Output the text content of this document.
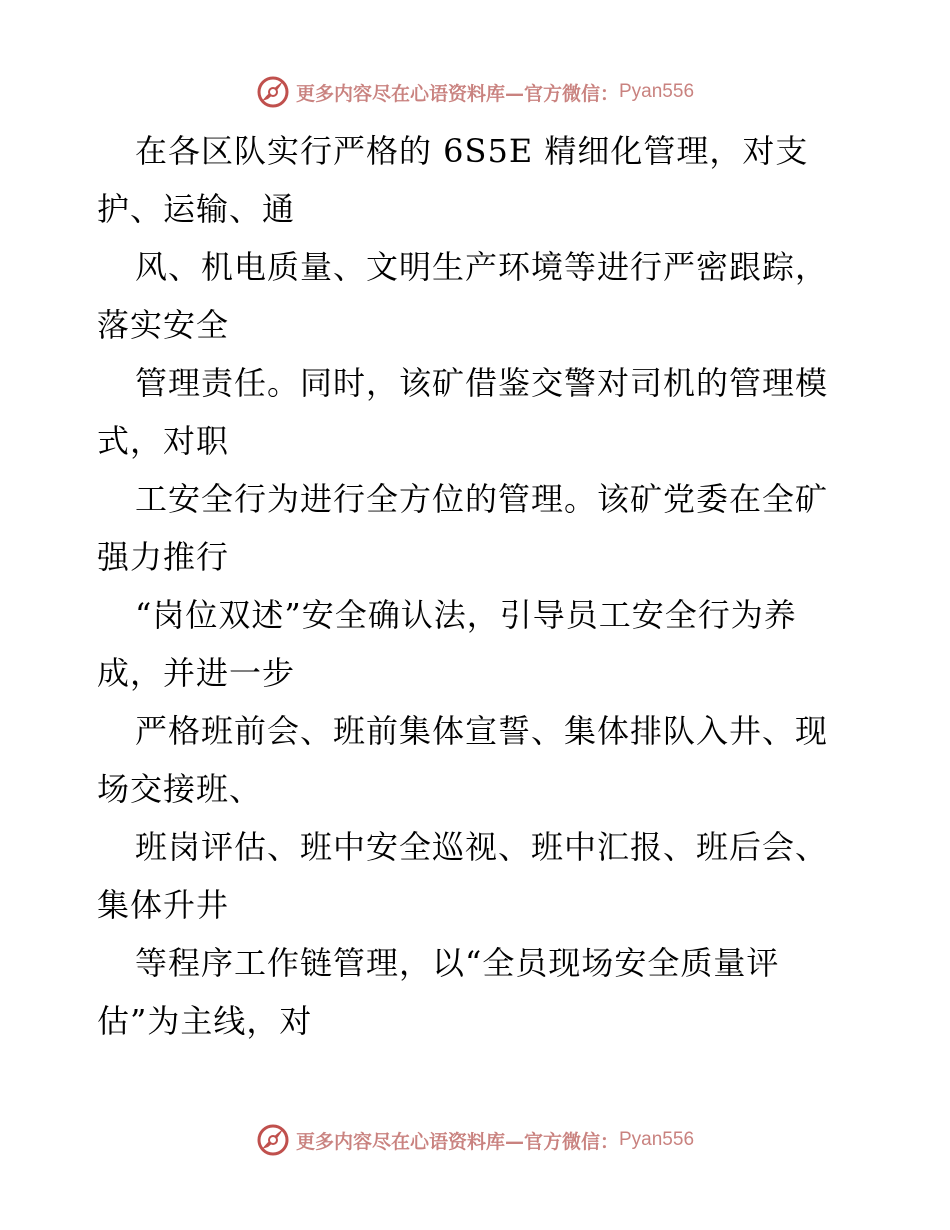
更多内容尽在心语资料库—官方微信： Pyan556
在各区队实行严格的 6S5E 精细化管理，对支
护、运输、通
风、机电质量、文明生产环境等进行严密跟踪，
落实安全
管理责任。同时，该矿借鉴交警对司机的管理模
式，对职
工安全行为进行全方位的管理。该矿党委在全矿
强力推行
“岗位双述”安全确认法，引导员工安全行为养
成，并进一步
严格班前会、班前集体宣誓、集体排队入井、现
场交接班、
班岗评估、班中安全巡视、班中汇报、班后会、
集体升井
等程序工作链管理，以“全员现场安全质量评
估”为主线，对
更多内容尽在心语资料库—官方微信： Pyan556
